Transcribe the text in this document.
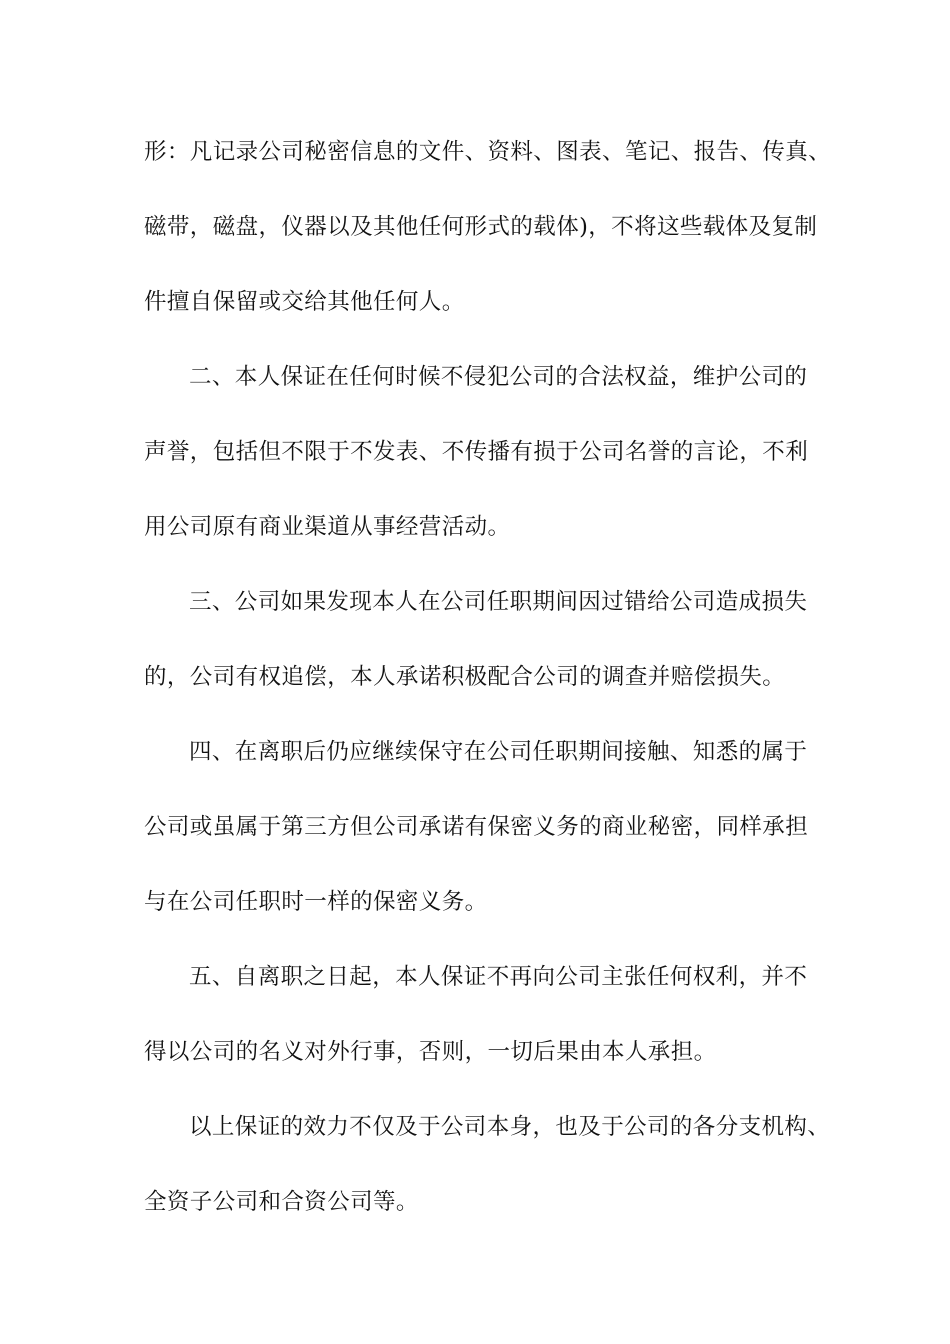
形：凡记录公司秘密信息的文件、资料、图表、笔记、报告、传真、
磁带，磁盘，仪器以及其他任何形式的载体)，不将这些载体及复制
件擅自保留或交给其他任何人。
二、本人保证在任何时候不侵犯公司的合法权益，维护公司的
声誉，包括但不限于不发表、不传播有损于公司名誉的言论，不利
用公司原有商业渠道从事经营活动。
三、公司如果发现本人在公司任职期间因过错给公司造成损失
的，公司有权追偿，本人承诺积极配合公司的调查并赔偿损失。
四、在离职后仍应继续保守在公司任职期间接触、知悉的属于
公司或虽属于第三方但公司承诺有保密义务的商业秘密，同样承担
与在公司任职时一样的保密义务。
五、自离职之日起，本人保证不再向公司主张任何权利，并不
得以公司的名义对外行事，否则，一切后果由本人承担。
以上保证的效力不仅及于公司本身，也及于公司的各分支机构、
全资子公司和合资公司等。
